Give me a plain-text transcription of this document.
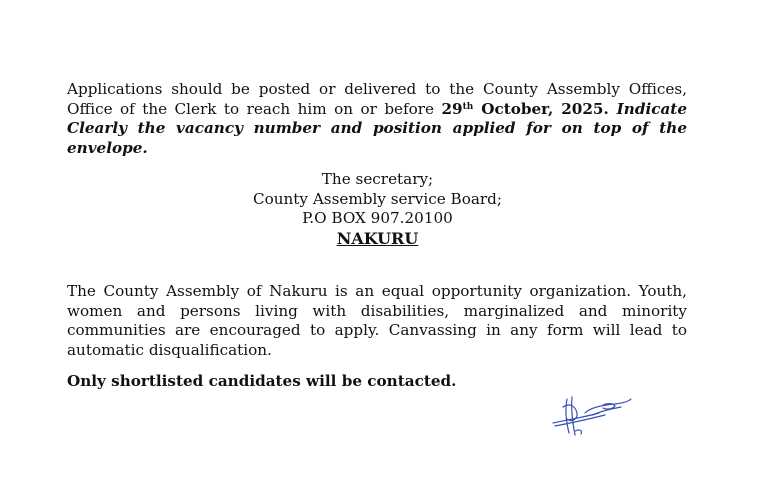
Applications should be posted or delivered to the County Assembly Offices, Office of the Clerk to reach him on or before 29th October, 2025. Indicate Clearly the vacancy number and position applied for on top of the envelope.

The secretary;
County Assembly service Board;
P.O BOX 907.20100
NAKURU

The County Assembly of Nakuru is an equal opportunity organization. Youth, women and persons living with disabilities, marginalized and minority communities are encouraged to apply. Canvassing in any form will lead to automatic disqualification.

Only shortlisted candidates will be contacted.
